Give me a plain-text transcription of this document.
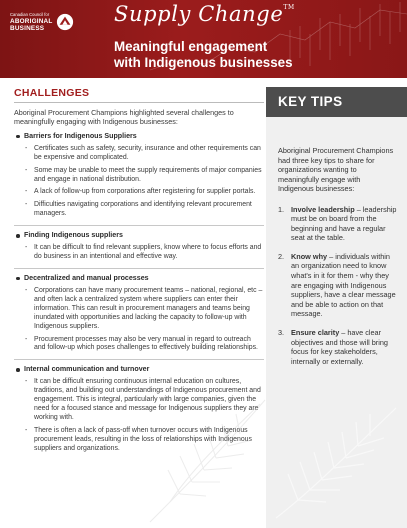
Canadian Council for
ABORIGINAL
BUSINESS
Supply Change™
Meaningful engagement
with Indigenous businesses
CHALLENGES

Aboriginal Procurement Champions highlighted several challenges to meaningfully engaging with Indigenous businesses:

Barriers for Indigenous Suppliers
- Certificates such as safety, security, insurance and other requirements can be expensive and complicated.
- Some may be unable to meet the supply requirements of major companies and engage in national distribution.
- A lack of follow-up from corporations after registering for supplier portals.
- Difficulties navigating corporations and identifying relevant procurement managers.
Finding Indigenous suppliers
- It can be difficult to find relevant suppliers, know where to focus efforts and do business in an intentional and effective way.
Decentralized and manual processes
- Corporations can have many procurement teams – national, regional, etc – and often lack a centralized system where suppliers can enter their information. This can result in procurement managers and teams being inundated with opportunities and lacking the capacity to follow-up with Indigenous suppliers.
- Procurement processes may also be very manual in regard to outreach and follow-up which poses challenges to effectively building relationships.
Internal communication and turnover
- It can be difficult ensuring continuous internal education on cultures, traditions, and building out understandings of Indigenous procurement and engagement. This is integral, particularly with large companies, given the need for a focused stance and message for Indigenous suppliers they are working with.
- There is often a lack of pass-off when turnover occurs with Indigenous procurement leads, resulting in the loss of relationships with Indigenous suppliers and organizations.
KEY TIPS

Aboriginal Procurement Champions had three key tips to share for organizations wanting to meaningfully engage with Indigenous businesses:

1. Involve leadership – leadership must be on board from the beginning and have a regular seat at the table.
2. Know why – individuals within an organization need to know what's in it for them - why they are engaging with Indigenous suppliers, have a clear message and be able to action on that message.
3. Ensure clarity – have clear objectives and those will bring focus for key stakeholders, internally or externally.
